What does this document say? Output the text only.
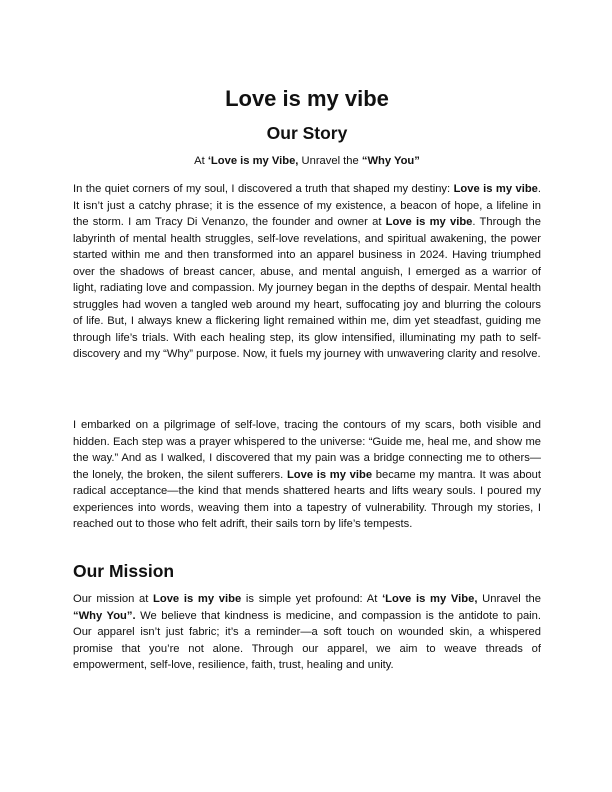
Love is my vibe
Our Story

At ‘Love is my Vibe, Unravel the “Why You”

In the quiet corners of my soul, I discovered a truth that shaped my destiny: Love is my vibe. It isn’t just a catchy phrase; it is the essence of my existence, a beacon of hope, a lifeline in the storm. I am Tracy Di Venanzo, the founder and owner at Love is my vibe. Through the labyrinth of mental health struggles, self-love revelations, and spiritual awakening, the power started within me and then transformed into an apparel business in 2024. Having triumphed over the shadows of breast cancer, abuse, and mental anguish, I emerged as a warrior of light, radiating love and compassion. My journey began in the depths of despair. Mental health struggles had woven a tangled web around my heart, suffocating joy and blurring the colours of life. But, I always knew a flickering light remained within me, dim yet steadfast, guiding me through life’s trials. With each healing step, its glow intensified, illuminating my path to self-discovery and my “Why” purpose. Now, it fuels my journey with unwavering clarity and resolve.

I embarked on a pilgrimage of self-love, tracing the contours of my scars, both visible and hidden. Each step was a prayer whispered to the universe: “Guide me, heal me, and show me the way.” And as I walked, I discovered that my pain was a bridge connecting me to others—the lonely, the broken, the silent sufferers. Love is my vibe became my mantra. It was about radical acceptance—the kind that mends shattered hearts and lifts weary souls. I poured my experiences into words, weaving them into a tapestry of vulnerability. Through my stories, I reached out to those who felt adrift, their sails torn by life’s tempests.

Our Mission

Our mission at Love is my vibe is simple yet profound: At ‘Love is my Vibe, Unravel the “Why You”. We believe that kindness is medicine, and compassion is the antidote to pain. Our apparel isn’t just fabric; it’s a reminder—a soft touch on wounded skin, a whispered promise that you’re not alone. Through our apparel, we aim to weave threads of empowerment, self-love, resilience, faith, trust, healing and unity.
